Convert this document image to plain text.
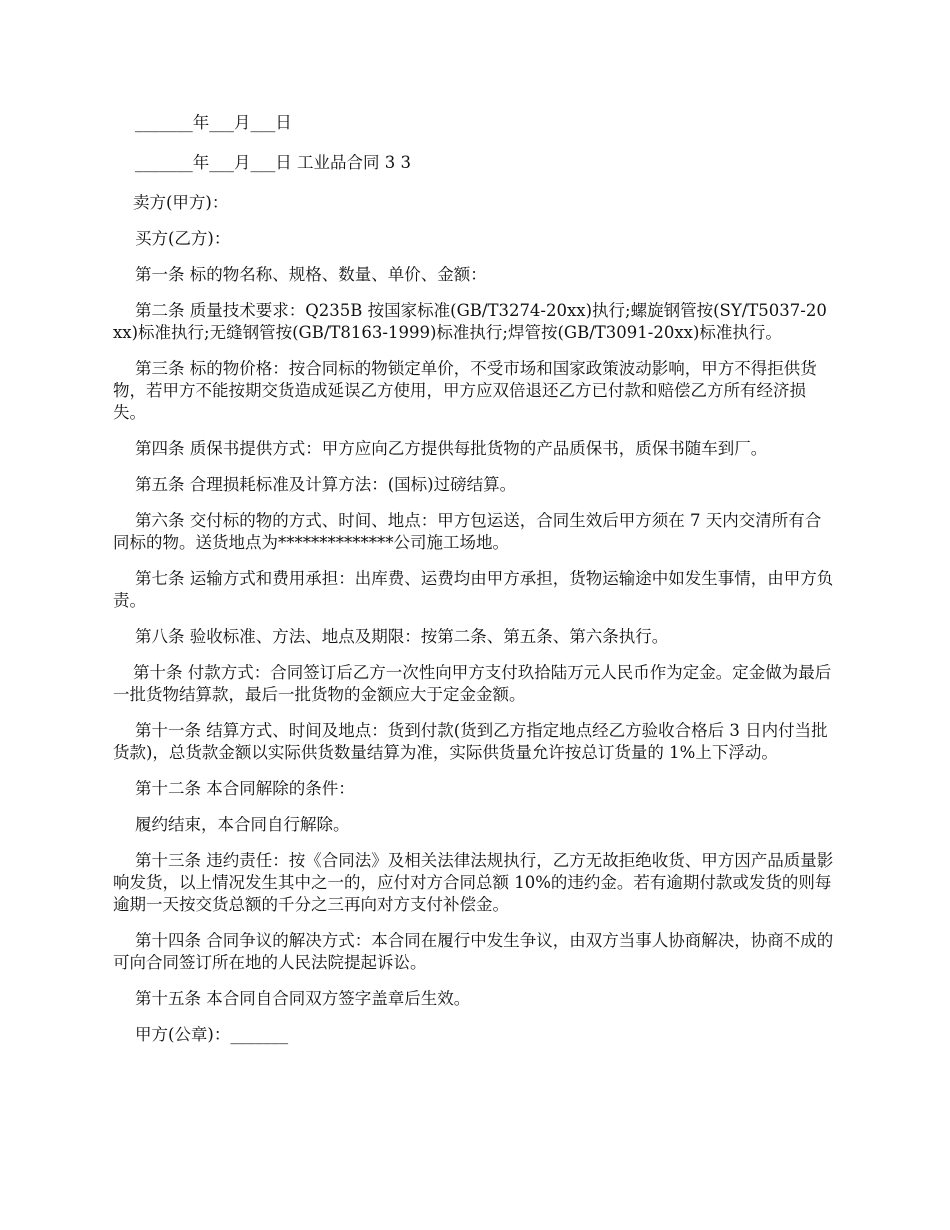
_______年___月___日

_______年___月___日 工业品合同 3 3

卖方(甲方)：

买方(乙方)：

第一条 标的物名称、规格、数量、单价、金额：

第二条 质量技术要求：Q235B 按国家标准(GB/T3274-20xx)执行;螺旋钢管按(SY/T5037-20xx)标准执行;无缝钢管按(GB/T8163-1999)标准执行;焊管按(GB/T3091-20xx)标准执行。

第三条 标的物价格：按合同标的物锁定单价，不受市场和国家政策波动影响，甲方不得拒供货物，若甲方不能按期交货造成延误乙方使用，甲方应双倍退还乙方已付款和赔偿乙方所有经济损失。

第四条 质保书提供方式：甲方应向乙方提供每批货物的产品质保书，质保书随车到厂。

第五条 合理损耗标准及计算方法：(国标)过磅结算。

第六条 交付标的物的方式、时间、地点：甲方包运送，合同生效后甲方须在 7 天内交清所有合同标的物。送货地点为**************公司施工场地。

第七条 运输方式和费用承担：出库费、运费均由甲方承担，货物运输途中如发生事情，由甲方负责。

第八条 验收标准、方法、地点及期限：按第二条、第五条、第六条执行。

第十条 付款方式：合同签订后乙方一次性向甲方支付玖拾陆万元人民币作为定金。定金做为最后一批货物结算款，最后一批货物的金额应大于定金金额。

第十一条 结算方式、时间及地点：货到付款(货到乙方指定地点经乙方验收合格后 3 日内付当批货款)，总货款金额以实际供货数量结算为准，实际供货量允许按总订货量的 1%上下浮动。

第十二条 本合同解除的条件：

履约结束，本合同自行解除。

第十三条 违约责任：按《合同法》及相关法律法规执行，乙方无故拒绝收货、甲方因产品质量影响发货，以上情况发生其中之一的，应付对方合同总额 10%的违约金。若有逾期付款或发货的则每逾期一天按交货总额的千分之三再向对方支付补偿金。

第十四条 合同争议的解决方式：本合同在履行中发生争议，由双方当事人协商解决，协商不成的可向合同签订所在地的人民法院提起诉讼。

第十五条 本合同自合同双方签字盖章后生效。

甲方(公章)：_______
